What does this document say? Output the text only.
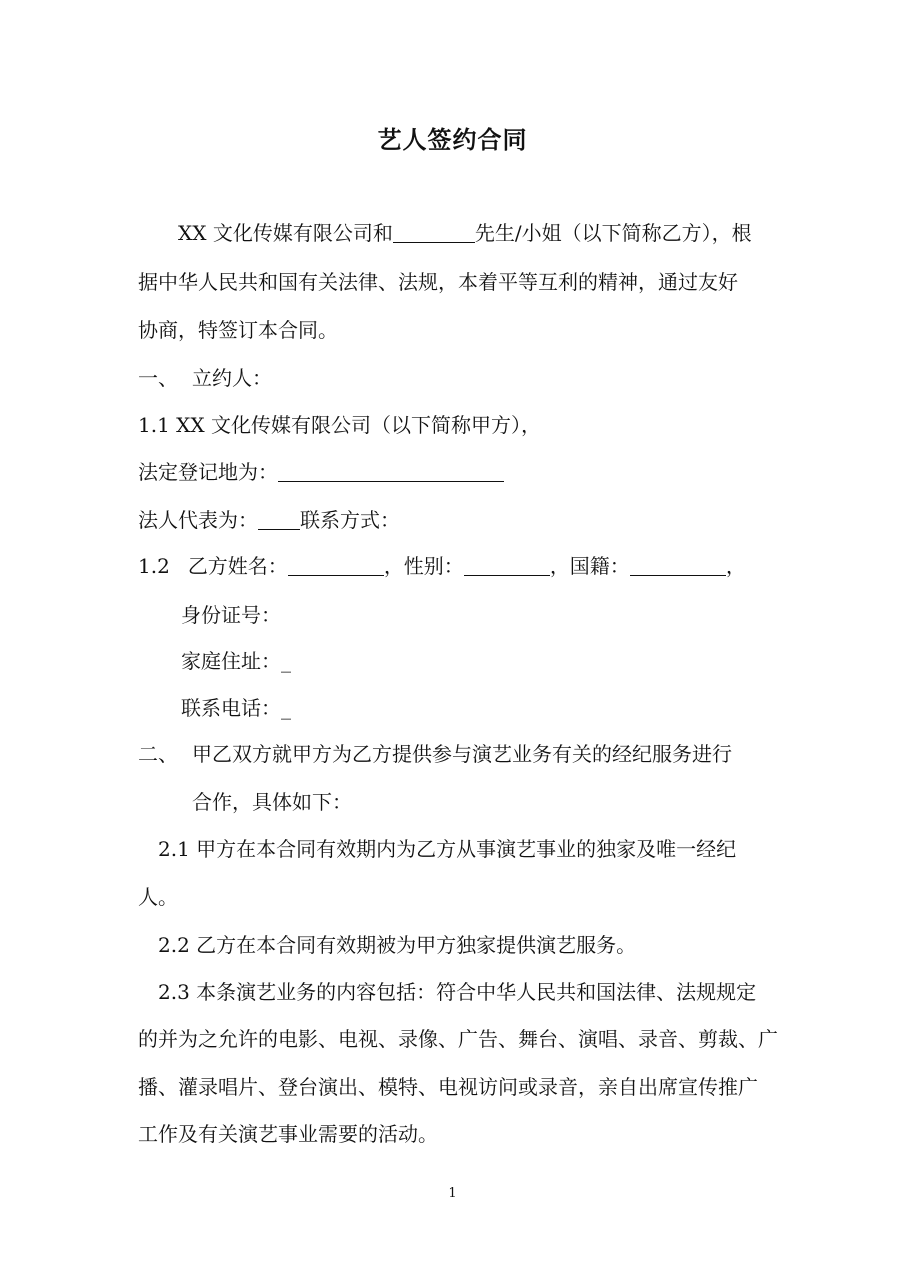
艺人签约合同
XX 文化传媒有限公司和	先生/小姐（以下简称乙方），根
据中华人民共和国有关法律、法规，本着平等互利的精神，通过友好
协商，特签订本合同。
一、 立约人：
1.1 XX 文化传媒有限公司（以下简称甲方），
法定登记地为：
法人代表为： 联系方式：
1.2 乙方姓名：	，性别：	，国籍：	，
身份证号：
家庭住址：_
联系电话：_
二、 甲乙双方就甲方为乙方提供参与演艺业务有关的经纪服务进行
合作，具体如下：
2.1 甲方在本合同有效期内为乙方从事演艺事业的独家及唯一经纪
人。
2.2 乙方在本合同有效期被为甲方独家提供演艺服务。
2.3 本条演艺业务的内容包括：符合中华人民共和国法律、法规规定
的并为之允许的电影、电视、录像、广告、舞台、演唱、录音、剪裁、广
播、灌录唱片、登台演出、模特、电视访问或录音，亲自出席宣传推广
工作及有关演艺事业需要的活动。
1
